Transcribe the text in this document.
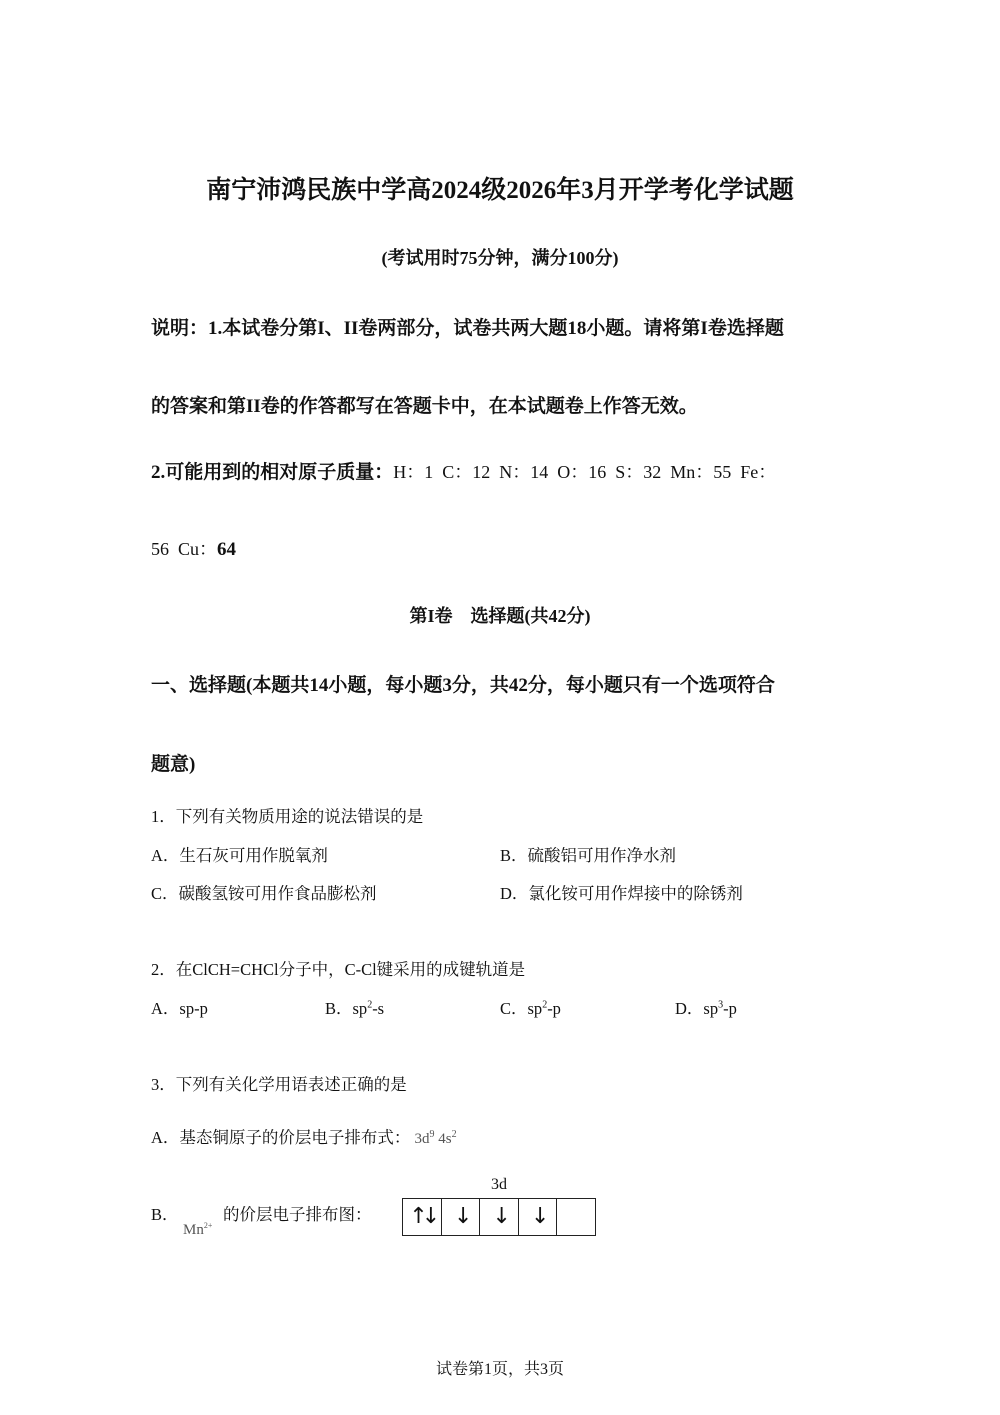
南宁沛鸿民族中学高2024级2026年3月开学考化学试题
(考试用时75分钟，满分100分)
说明：1.本试卷分第I、II卷两部分，试卷共两大题18小题。请将第I卷选择题
的答案和第II卷的作答都写在答题卡中，在本试题卷上作答无效。
2.可能用到的相对原子质量：H：1  C：12  N：14  O：16  S：32  Mn：55  Fe：
56  Cu：64
第I卷    选择题(共42分)
一、选择题(本题共14小题，每小题3分，共42分，每小题只有一个选项符合
题意)
1．下列有关物质用途的说法错误的是
A．生石灰可用作脱氧剂	B．硫酸铝可用作净水剂
C．碳酸氢铵可用作食品膨松剂	D．氯化铵可用作焊接中的除锈剂
2．在ClCH=CHCl分子中，C-Cl键采用的成键轨道是
A．sp-p	B．$sp^2-s$	C．$sp^2-p$	D．$sp^3-p$
3．下列有关化学用语表述正确的是
A．基态铜原子的价层电子排布式： $3d^9$ $4s^2$
B．
$Mn^{2+}$
的价层电子排布图：
3d
↑↓ ↓	↓	↓
试卷第1页，共3页
